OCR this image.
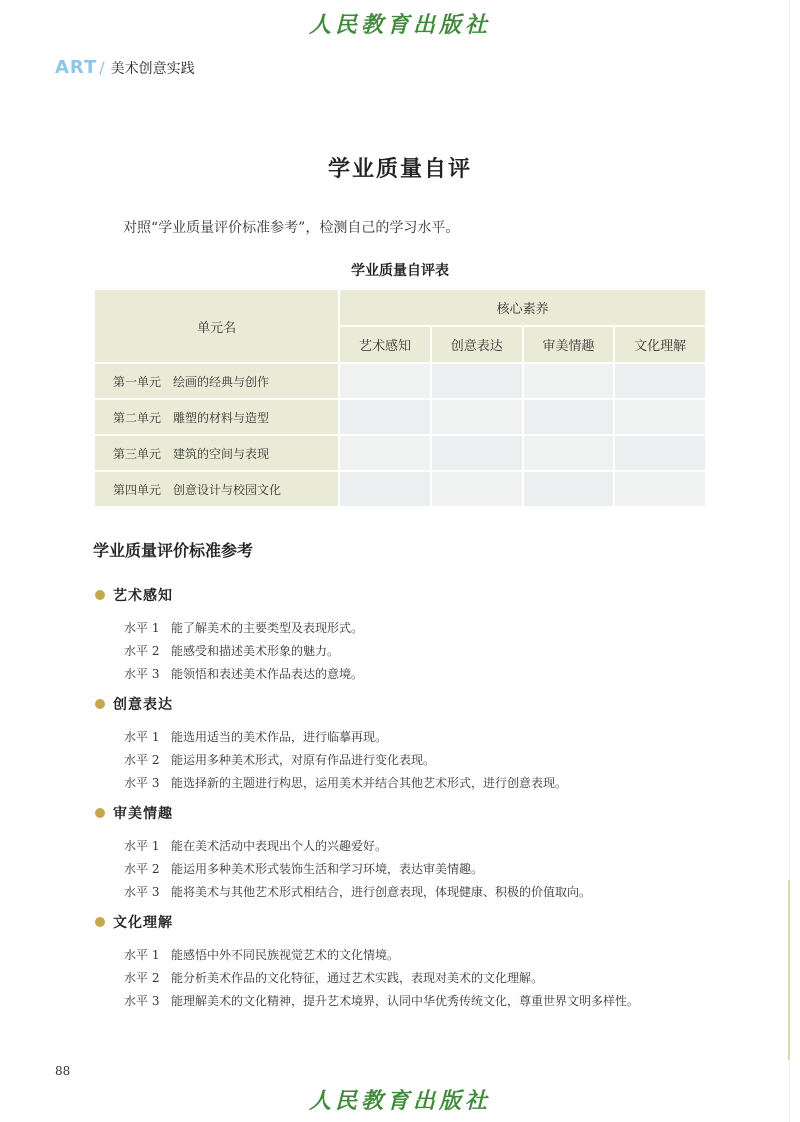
人民教育出版社
ART / 美术创意实践
学业质量自评
对照“学业质量评价标准参考”，检测自己的学习水平。
学业质量自评表
单元名	核心素养			
	艺术感知	创意表达	审美情趣	文化理解
第一单元　绘画的经典与创作				
第二单元　雕塑的材料与造型				
第三单元　建筑的空间与表现				
第四单元　创意设计与校园文化				
学业质量评价标准参考
艺术感知
水平 1 能了解美术的主要类型及表现形式。
水平 2 能感受和描述美术形象的魅力。
水平 3 能领悟和表述美术作品表达的意境。
创意表达
水平 1 能选用适当的美术作品，进行临摹再现。
水平 2 能运用多种美术形式，对原有作品进行变化表现。
水平 3 能选择新的主题进行构思，运用美术并结合其他艺术形式，进行创意表现。
审美情趣
水平 1 能在美术活动中表现出个人的兴趣爱好。
水平 2 能运用多种美术形式装饰生活和学习环境，表达审美情趣。
水平 3 能将美术与其他艺术形式相结合，进行创意表现，体现健康、积极的价值取向。
文化理解
水平 1 能感悟中外不同民族视觉艺术的文化情境。
水平 2 能分析美术作品的文化特征，通过艺术实践，表现对美术的文化理解。
水平 3 能理解美术的文化精神，提升艺术境界，认同中华优秀传统文化，尊重世界文明多样性。
88
人民教育出版社
